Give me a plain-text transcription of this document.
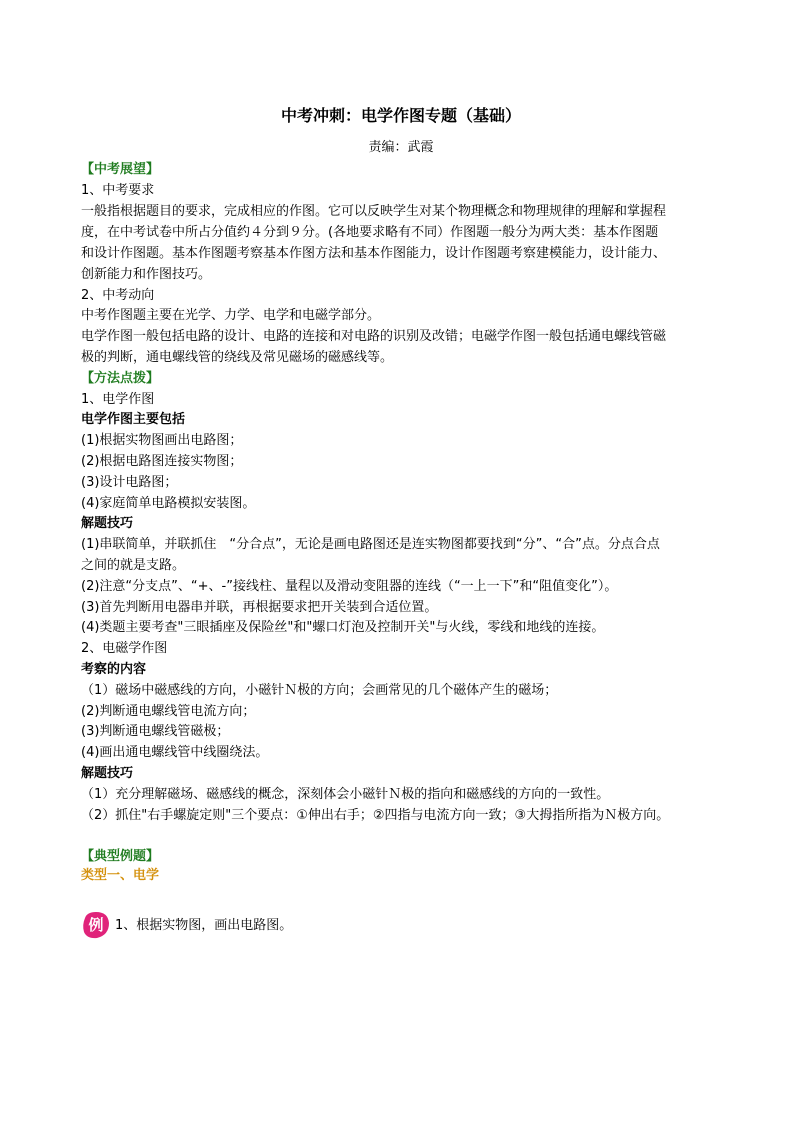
中考冲刺：电学作图专题（基础）
责编：武霞
【中考展望】
1、中考要求
一般指根据题目的要求，完成相应的作图。它可以反映学生对某个物理概念和物理规律的理解和掌握程
度，在中考试卷中所占分值约４分到９分。(各地要求略有不同）作图题一般分为两大类：基本作图题
和设计作图题。基本作图题考察基本作图方法和基本作图能力，设计作图题考察建模能力，设计能力、
创新能力和作图技巧。
2、中考动向
中考作图题主要在光学、力学、电学和电磁学部分。
电学作图一般包括电路的设计、电路的连接和对电路的识别及改错；电磁学作图一般包括通电螺线管磁
极的判断，通电螺线管的绕线及常见磁场的磁感线等。
【方法点拨】
1、电学作图
电学作图主要包括
(1)根据实物图画出电路图；
(2)根据电路图连接实物图；
(3)设计电路图；
(4)家庭简单电路模拟安装图。
解题技巧
(1)串联简单，并联抓住　“分合点”，无论是画电路图还是连实物图都要找到“分”、“合”点。分点合点
之间的就是支路。
(2)注意“分支点”、“+、-”接线柱、量程以及滑动变阻器的连线（“一上一下”和“阻值变化”）。
(3)首先判断用电器串并联，再根据要求把开关装到合适位置。
(4)类题主要考查"三眼插座及保险丝"和"螺口灯泡及控制开关"与火线，零线和地线的连接。
2、电磁学作图
考察的内容
（1）磁场中磁感线的方向，小磁针Ｎ极的方向；会画常见的几个磁体产生的磁场；
(2)判断通电螺线管电流方向；
(3)判断通电螺线管磁极；
(4)画出通电螺线管中线圈绕法。
解题技巧
（1）充分理解磁场、磁感线的概念，深刻体会小磁针Ｎ极的指向和磁感线的方向的一致性。
（2）抓住"右手螺旋定则"三个要点：①伸出右手；②四指与电流方向一致；③大拇指所指为Ｎ极方向。
【典型例题】
类型一、电学
例 1、根据实物图，画出电路图。
